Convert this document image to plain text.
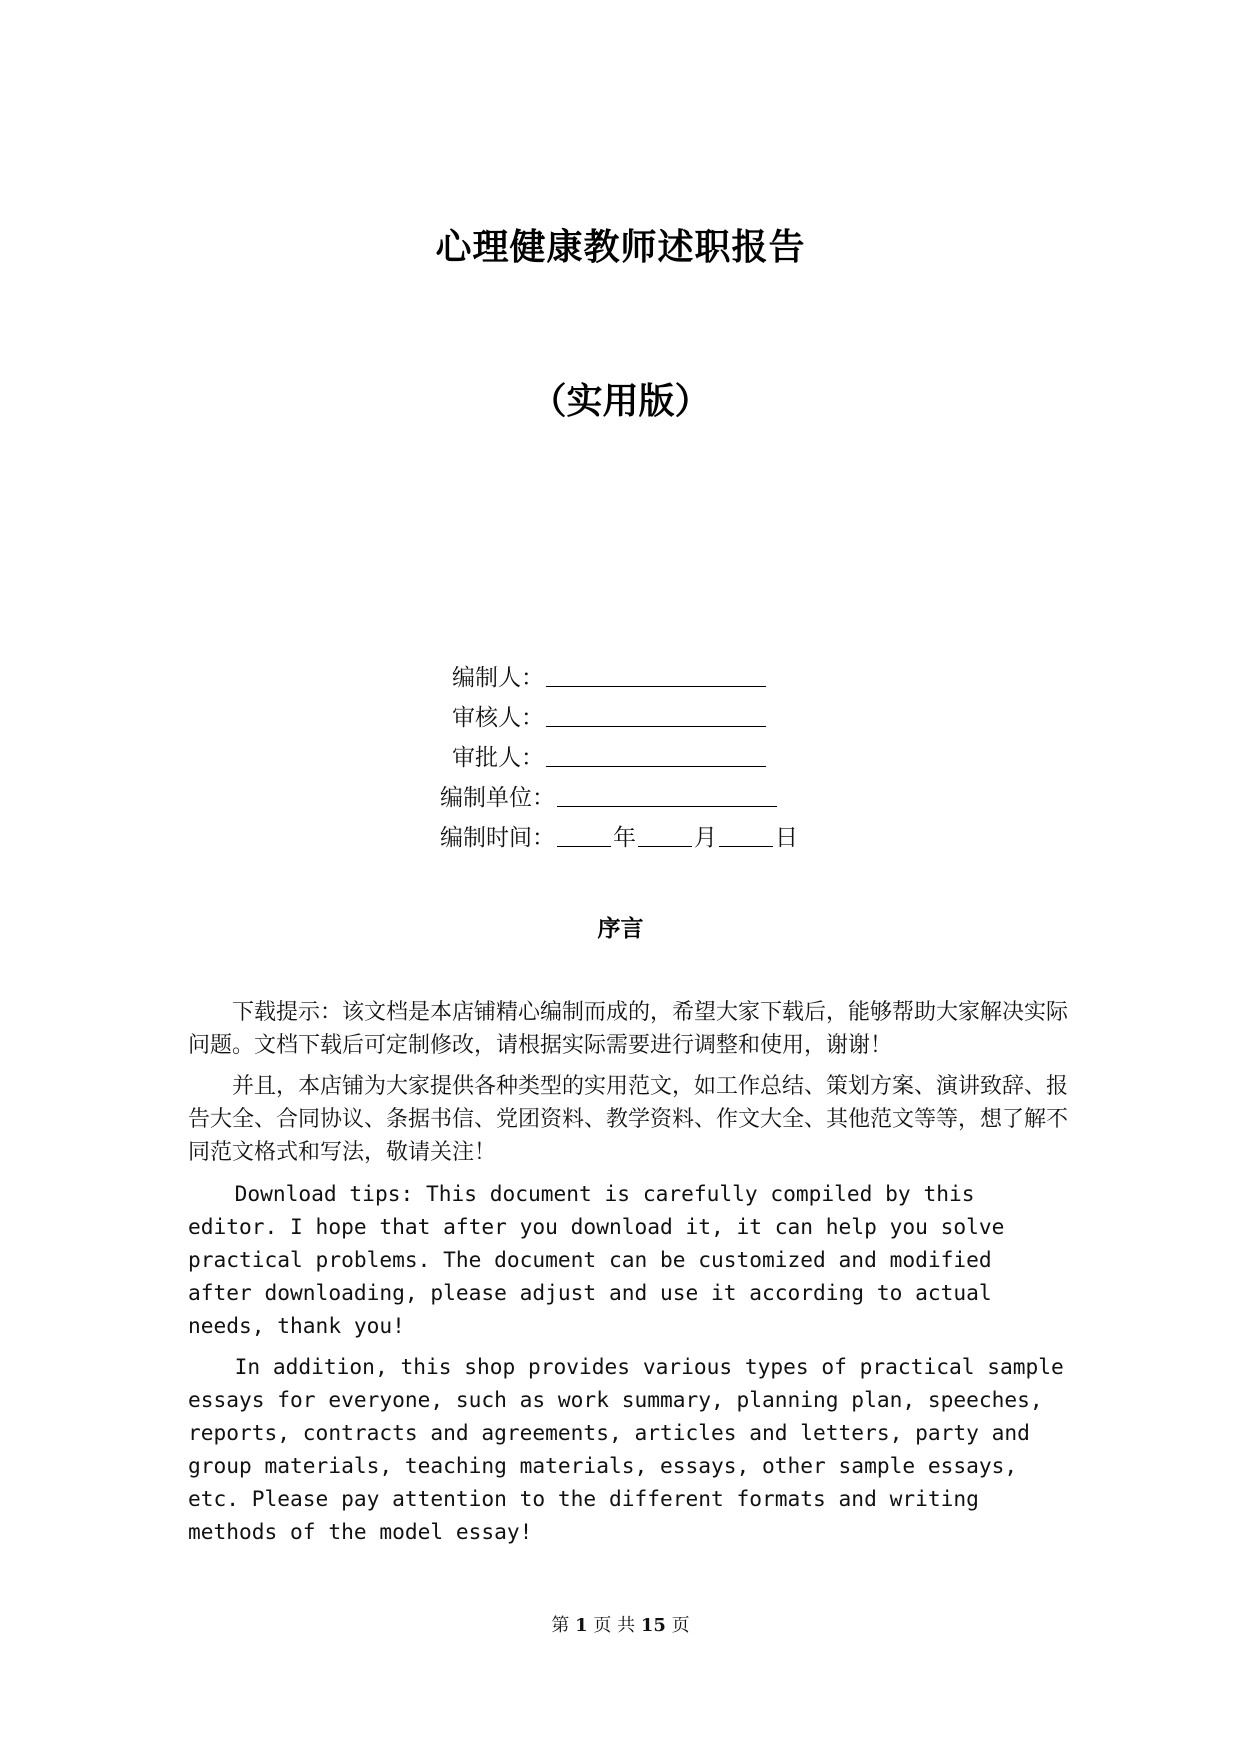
心理健康教师述职报告
（实用版）
编制人：
审核人：
审批人：
编制单位：
编制时间：	年	月	日
序言

下载提示：该文档是本店铺精心编制而成的，希望大家下载后，能够帮助大家解决实际问题。文档下载后可定制修改，请根据实际需要进行调整和使用，谢谢！

并且，本店铺为大家提供各种类型的实用范文，如工作总结、策划方案、演讲致辞、报告大全、合同协议、条据书信、党团资料、教学资料、作文大全、其他范文等等，想了解不同范文格式和写法，敬请关注！

Download tips: This document is carefully compiled by this editor. I hope that after you download it, it can help you solve practical problems. The document can be customized and modified after downloading, please adjust and use it according to actual needs, thank you!

In addition, this shop provides various types of practical sample essays for everyone, such as work summary, planning plan, speeches, reports, contracts and agreements, articles and letters, party and group materials, teaching materials, essays, other sample essays, etc. Please pay attention to the different formats and writing methods of the model essay!

第 1 页 共 15 页
